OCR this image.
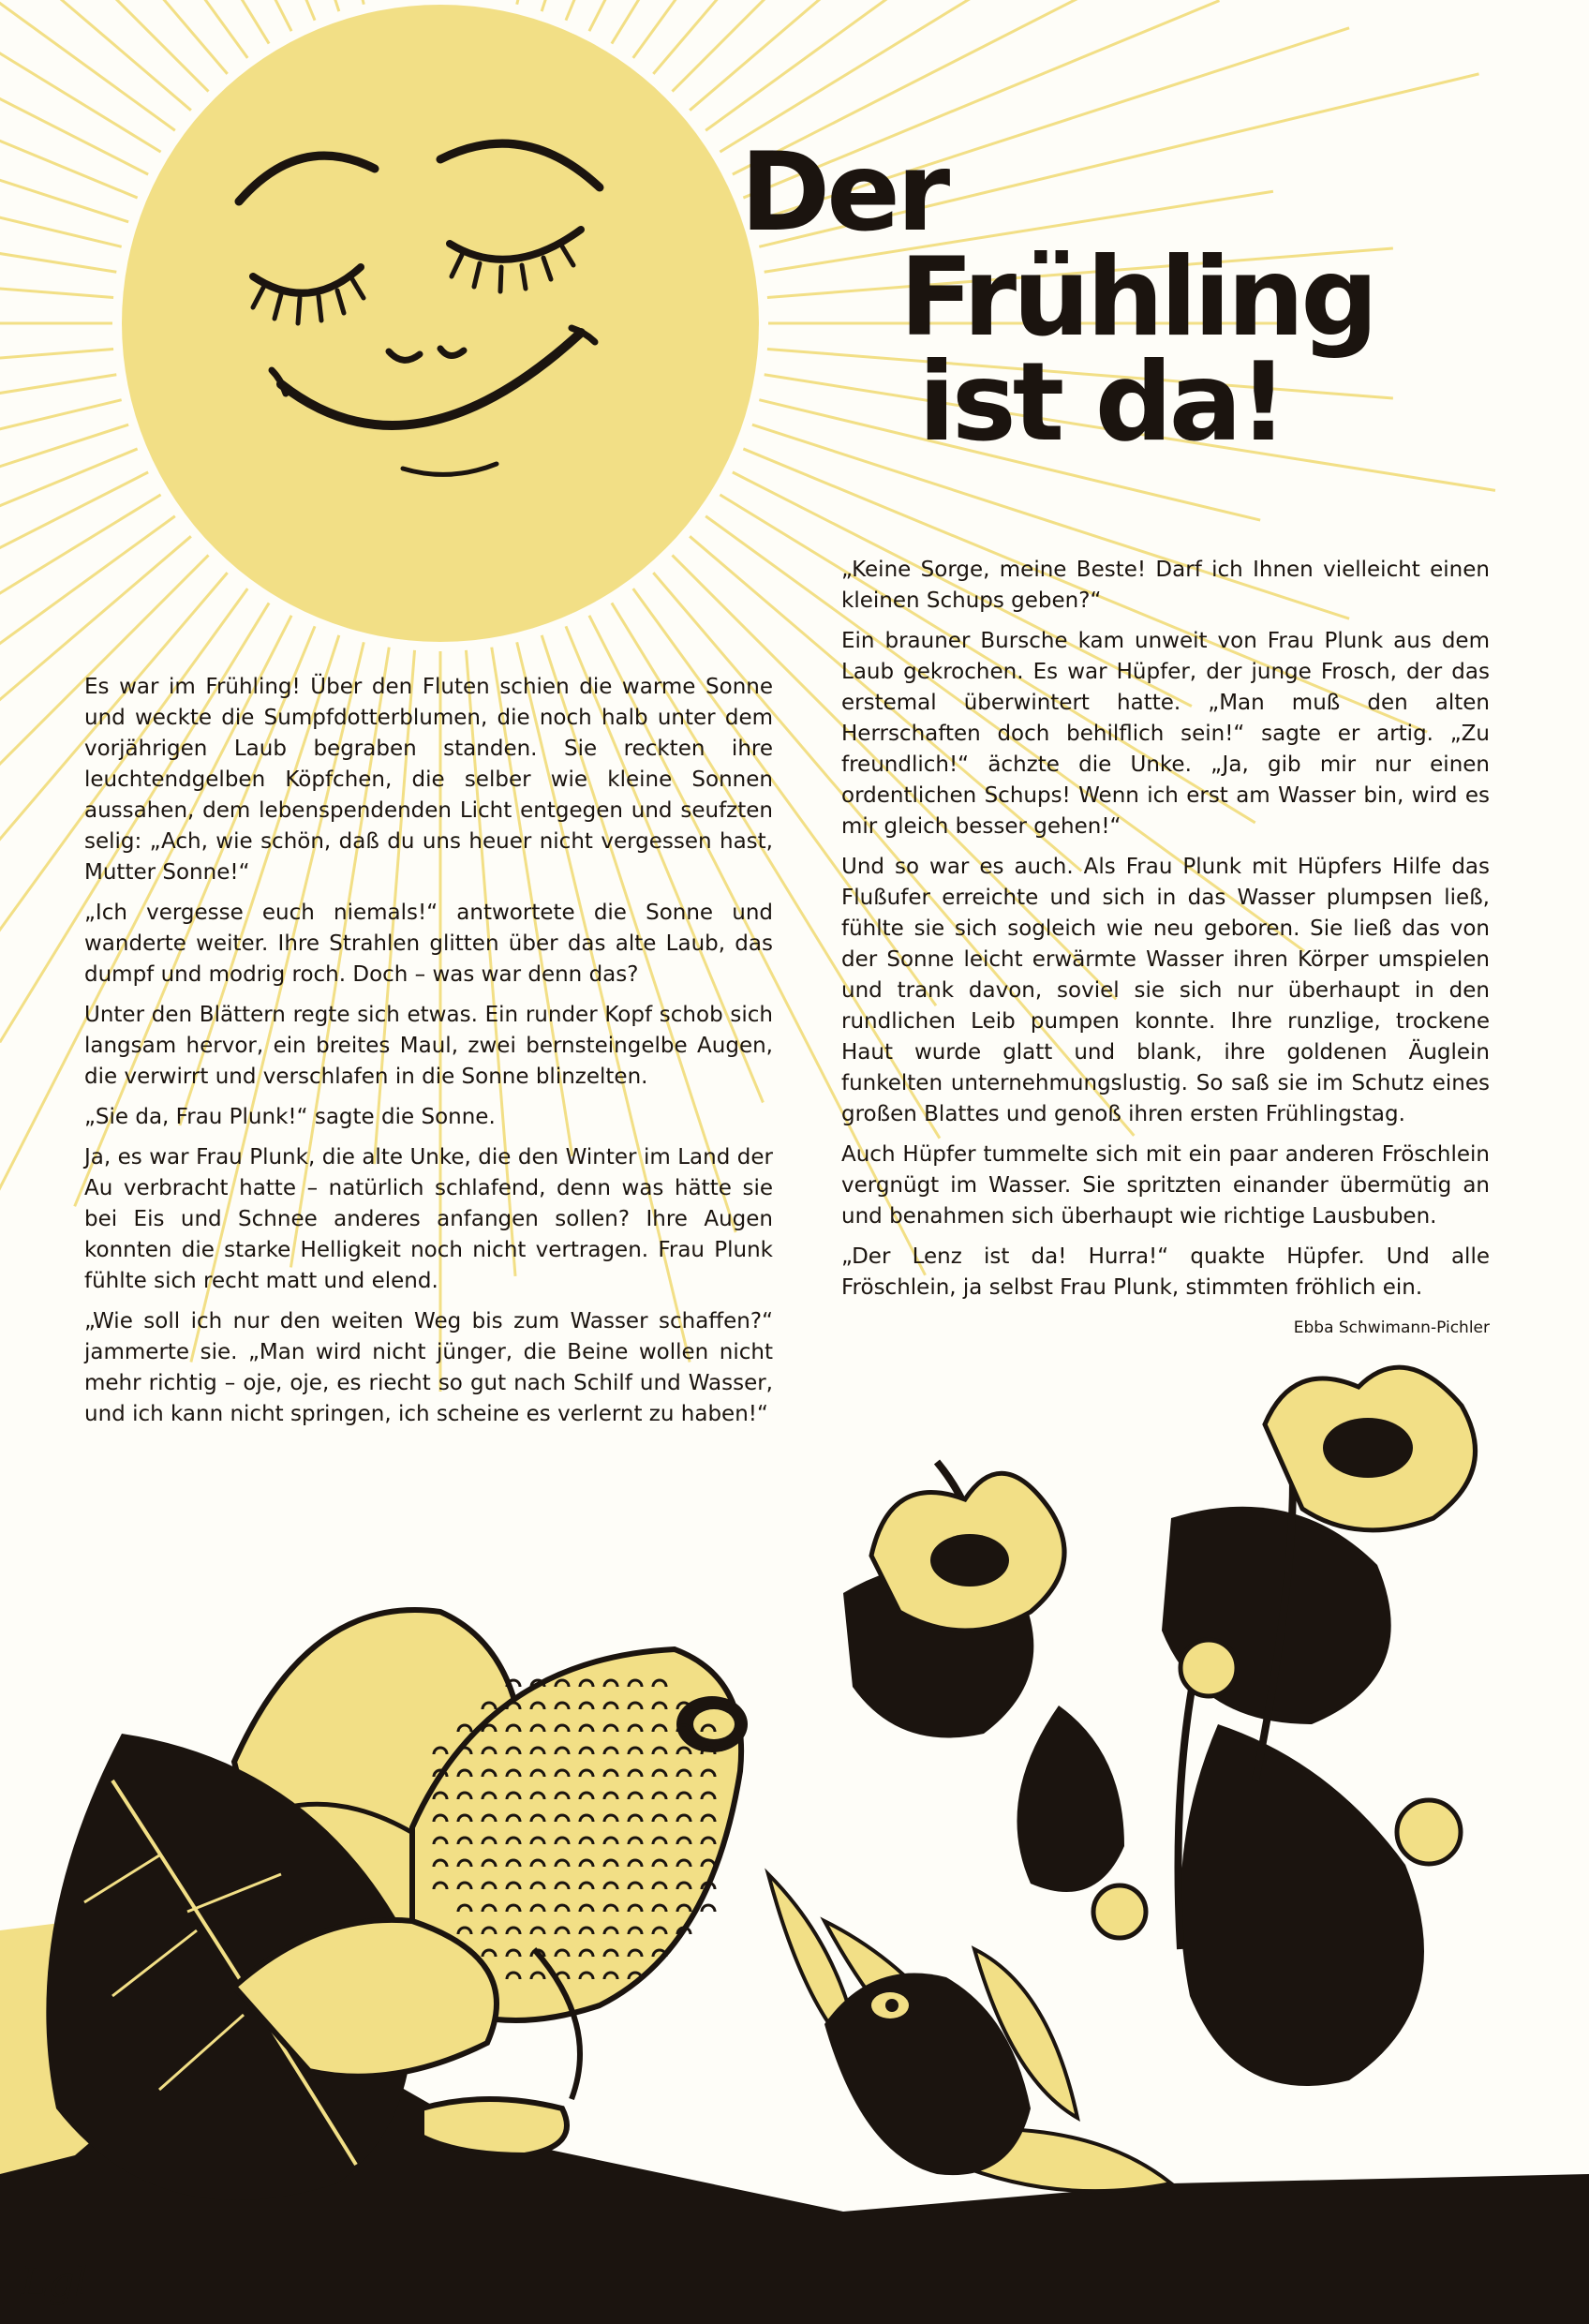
Der
Frühling
ist da!

Es war im Frühling! Über den Fluten schien die warme Sonne und weckte die Sumpfdotterblumen, die noch halb unter dem vorjährigen Laub begraben standen. Sie reckten ihre leuchtendgelben Köpfchen, die selber wie kleine Sonnen aussahen, dem lebenspendenden Licht entgegen und seufzten selig: „Ach, wie schön, daß du uns heuer nicht vergessen hast, Mutter Sonne!“

„Ich vergesse euch niemals!“ antwortete die Sonne und wanderte weiter. Ihre Strahlen glitten über das alte Laub, das dumpf und modrig roch. Doch – was war denn das?

Unter den Blättern regte sich etwas. Ein runder Kopf schob sich langsam hervor, ein breites Maul, zwei bernsteingelbe Augen, die verwirrt und verschlafen in die Sonne blinzelten.

„Sie da, Frau Plunk!“ sagte die Sonne.

Ja, es war Frau Plunk, die alte Unke, die den Winter im Land der Au verbracht hatte – natürlich schlafend, denn was hätte sie bei Eis und Schnee anderes anfangen sollen? Ihre Augen konnten die starke Helligkeit noch nicht vertragen. Frau Plunk fühlte sich recht matt und elend.

„Wie soll ich nur den weiten Weg bis zum Wasser schaffen?“ jammerte sie. „Man wird nicht jünger, die Beine wollen nicht mehr richtig – oje, oje, es riecht so gut nach Schilf und Wasser, und ich kann nicht springen, ich scheine es verlernt zu haben!“

„Keine Sorge, meine Beste! Darf ich Ihnen vielleicht einen kleinen Schups geben?“

Ein brauner Bursche kam unweit von Frau Plunk aus dem Laub gekrochen. Es war Hüpfer, der junge Frosch, der das erstemal überwintert hatte. „Man muß den alten Herrschaften doch behilflich sein!“ sagte er artig. „Zu freundlich!“ ächzte die Unke. „Ja, gib mir nur einen ordentlichen Schups! Wenn ich erst am Wasser bin, wird es mir gleich besser gehen!“

Und so war es auch. Als Frau Plunk mit Hüpfers Hilfe das Flußufer erreichte und sich in das Wasser plumpsen ließ, fühlte sie sich sogleich wie neu geboren. Sie ließ das von der Sonne leicht erwärmte Wasser ihren Körper umspielen und trank davon, soviel sie sich nur überhaupt in den rundlichen Leib pumpen konnte. Ihre runzlige, trockene Haut wurde glatt und blank, ihre goldenen Äuglein funkelten unternehmungslustig. So saß sie im Schutz eines großen Blattes und genoß ihren ersten Frühlingstag.

Auch Hüpfer tummelte sich mit ein paar anderen Fröschlein vergnügt im Wasser. Sie spritzten einander übermütig an und benahmen sich überhaupt wie richtige Lausbuben.

„Der Lenz ist da! Hurra!“ quakte Hüpfer. Und alle Fröschlein, ja selbst Frau Plunk, stimmten fröhlich ein.

Ebba Schwimann-Pichler
Lgl
